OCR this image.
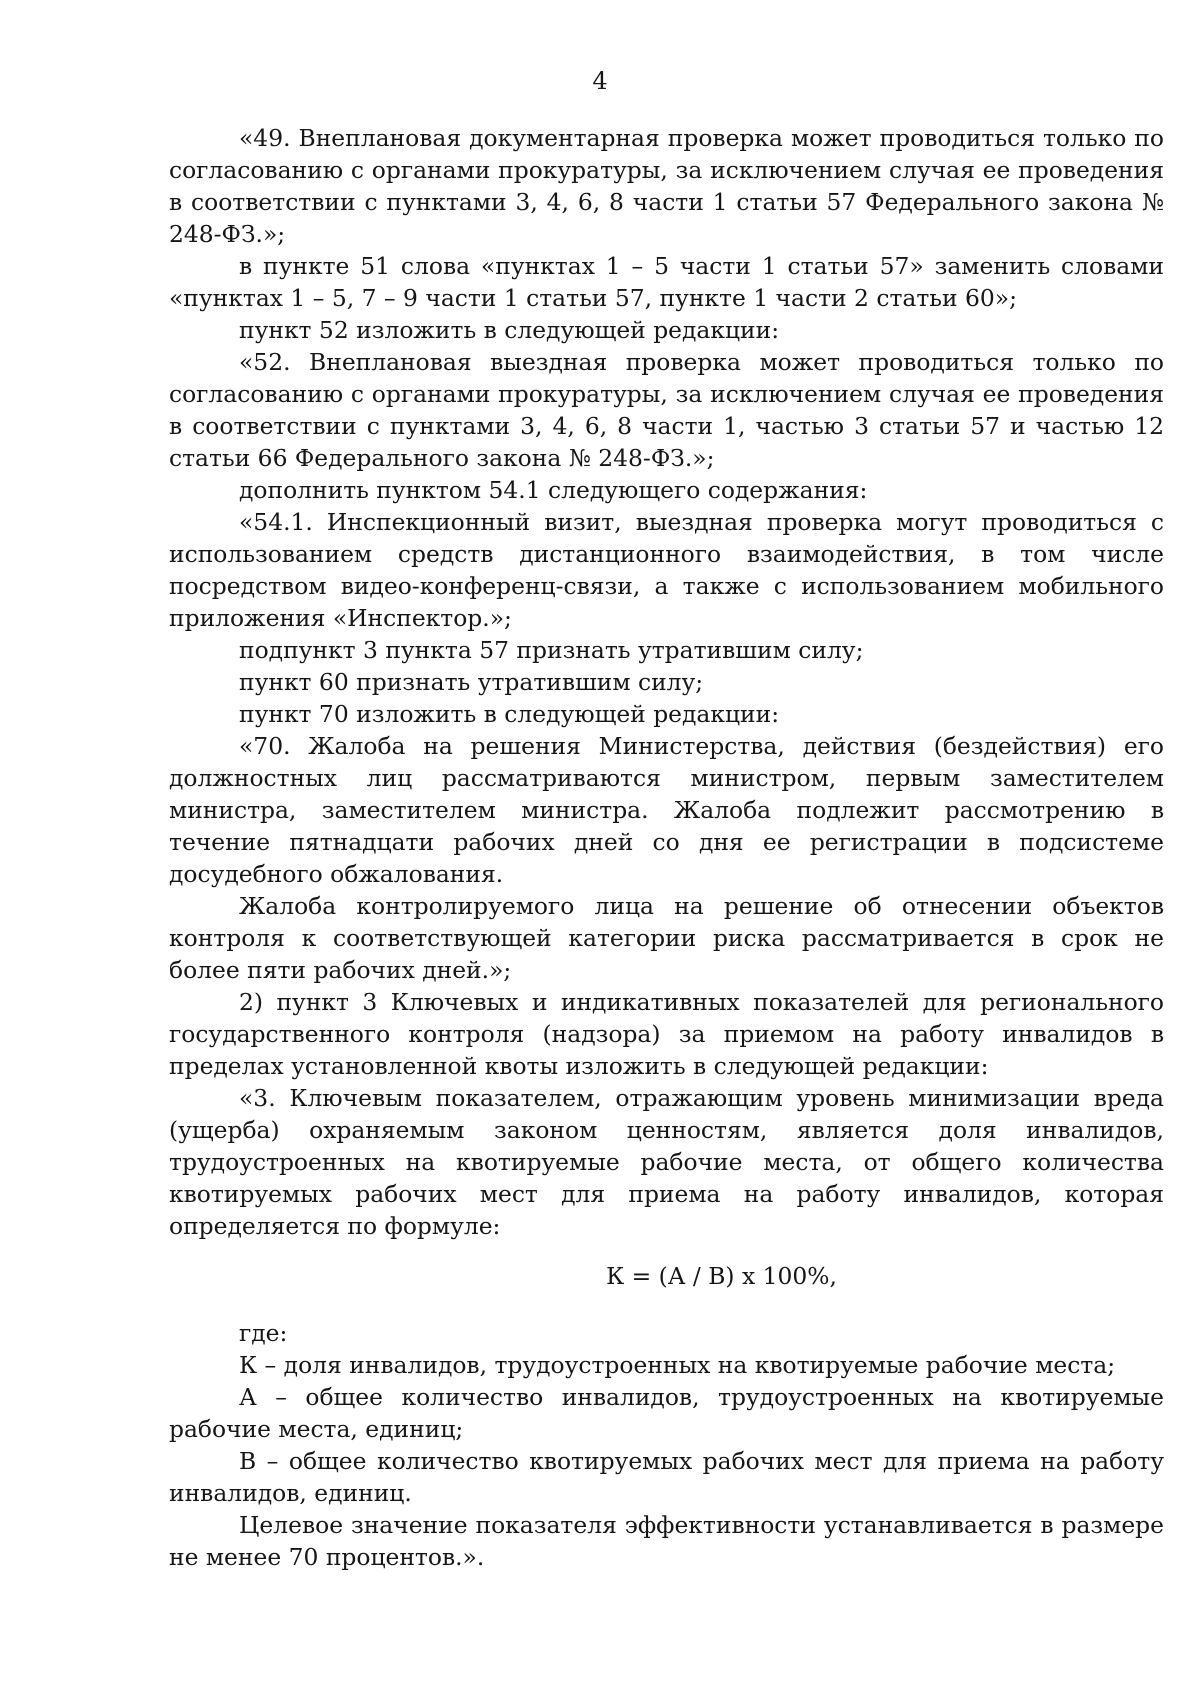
4

«49. Внеплановая документарная проверка может проводиться только по согласованию с органами прокуратуры, за исключением случая ее проведения в соответствии с пунктами 3, 4, 6, 8 части 1 статьи 57 Федерального закона № 248-ФЗ.»;

в пункте 51 слова «пунктах 1 – 5 части 1 статьи 57» заменить словами «пунктах 1 – 5, 7 – 9 части 1 статьи 57, пункте 1 части 2 статьи 60»;

пункт 52 изложить в следующей редакции:

«52. Внеплановая выездная проверка может проводиться только по согласованию с органами прокуратуры, за исключением случая ее проведения в соответствии с пунктами 3, 4, 6, 8 части 1, частью 3 статьи 57 и частью 12 статьи 66 Федерального закона № 248-ФЗ.»;

дополнить пунктом 54.1 следующего содержания:

«54.1. Инспекционный визит, выездная проверка могут проводиться с использованием средств дистанционного взаимодействия, в том числе посредством видео-конференц-связи, а также с использованием мобильного приложения «Инспектор.»;

подпункт 3 пункта 57 признать утратившим силу;

пункт 60 признать утратившим силу;

пункт 70 изложить в следующей редакции:

«70. Жалоба на решения Министерства, действия (бездействия) его должностных лиц рассматриваются министром, первым заместителем министра, заместителем министра. Жалоба подлежит рассмотрению в течение пятнадцати рабочих дней со дня ее регистрации в подсистеме досудебного обжалования.

Жалоба контролируемого лица на решение об отнесении объектов контроля к соответствующей категории риска рассматривается в срок не более пяти рабочих дней.»;

2) пункт 3 Ключевых и индикативных показателей для регионального государственного контроля (надзора) за приемом на работу инвалидов в пределах установленной квоты изложить в следующей редакции:

«3. Ключевым показателем, отражающим уровень минимизации вреда (ущерба) охраняемым законом ценностям, является доля инвалидов, трудоустроенных на квотируемые рабочие места, от общего количества квотируемых рабочих мест для приема на работу инвалидов, которая определяется по формуле:

К = (А / В) х 100%,

где:

К – доля инвалидов, трудоустроенных на квотируемые рабочие места;

А – общее количество инвалидов, трудоустроенных на квотируемые рабочие места, единиц;

В – общее количество квотируемых рабочих мест для приема на работу инвалидов, единиц.

Целевое значение показателя эффективности устанавливается в размере не менее 70 процентов.».
